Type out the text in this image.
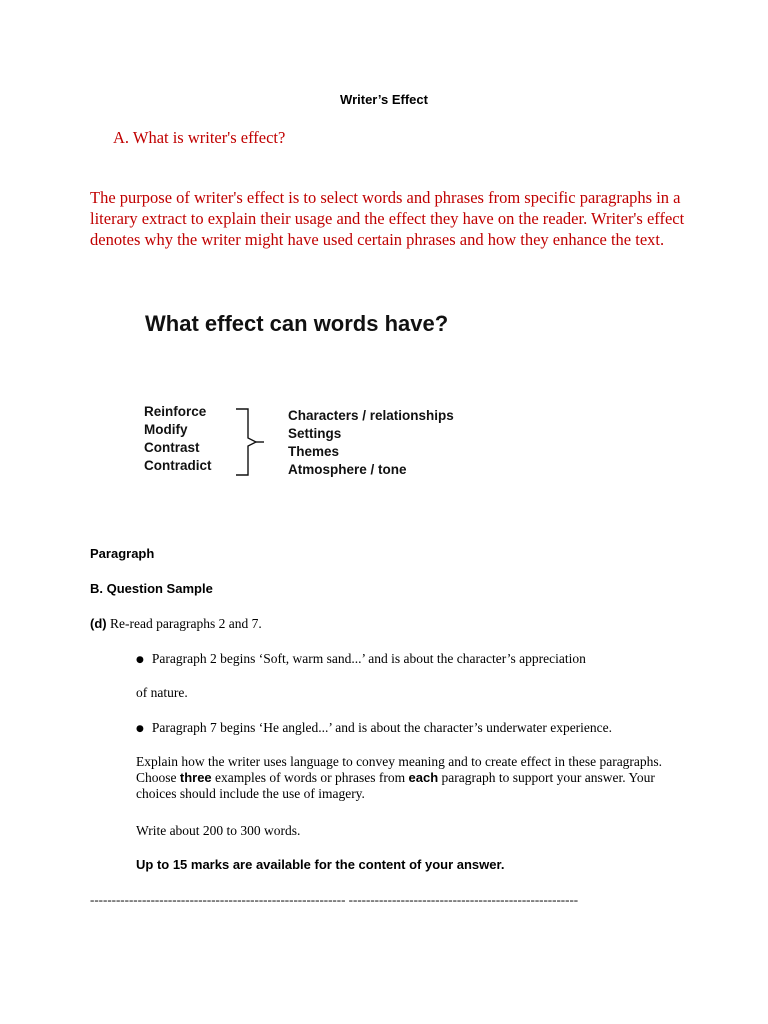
Writer’s Effect
A. What is writer's effect?
The purpose of writer's effect is to select words and phrases from specific paragraphs in a literary extract to explain their usage and the effect they have on the reader. Writer's effect denotes why the writer might have used certain phrases and how they enhance the text.
What effect can words have?
Reinforce
Modify
Contrast
Contradict
Characters / relationships
Settings
Themes
Atmosphere / tone
Paragraph
B. Question Sample
(d) Re-read paragraphs 2 and 7.
● Paragraph 2 begins ‘Soft, warm sand...’ and is about the character’s appreciation
of nature.
● Paragraph 7 begins ‘He angled...’ and is about the character’s underwater experience.
Explain how the writer uses language to convey meaning and to create effect in these paragraphs. Choose three examples of words or phrases from each paragraph to support your answer. Your choices should include the use of imagery.
Write about 200 to 300 words.
Up to 15 marks are available for the content of your answer.
----------------------------------------------------------- -----------------------------------------------------
